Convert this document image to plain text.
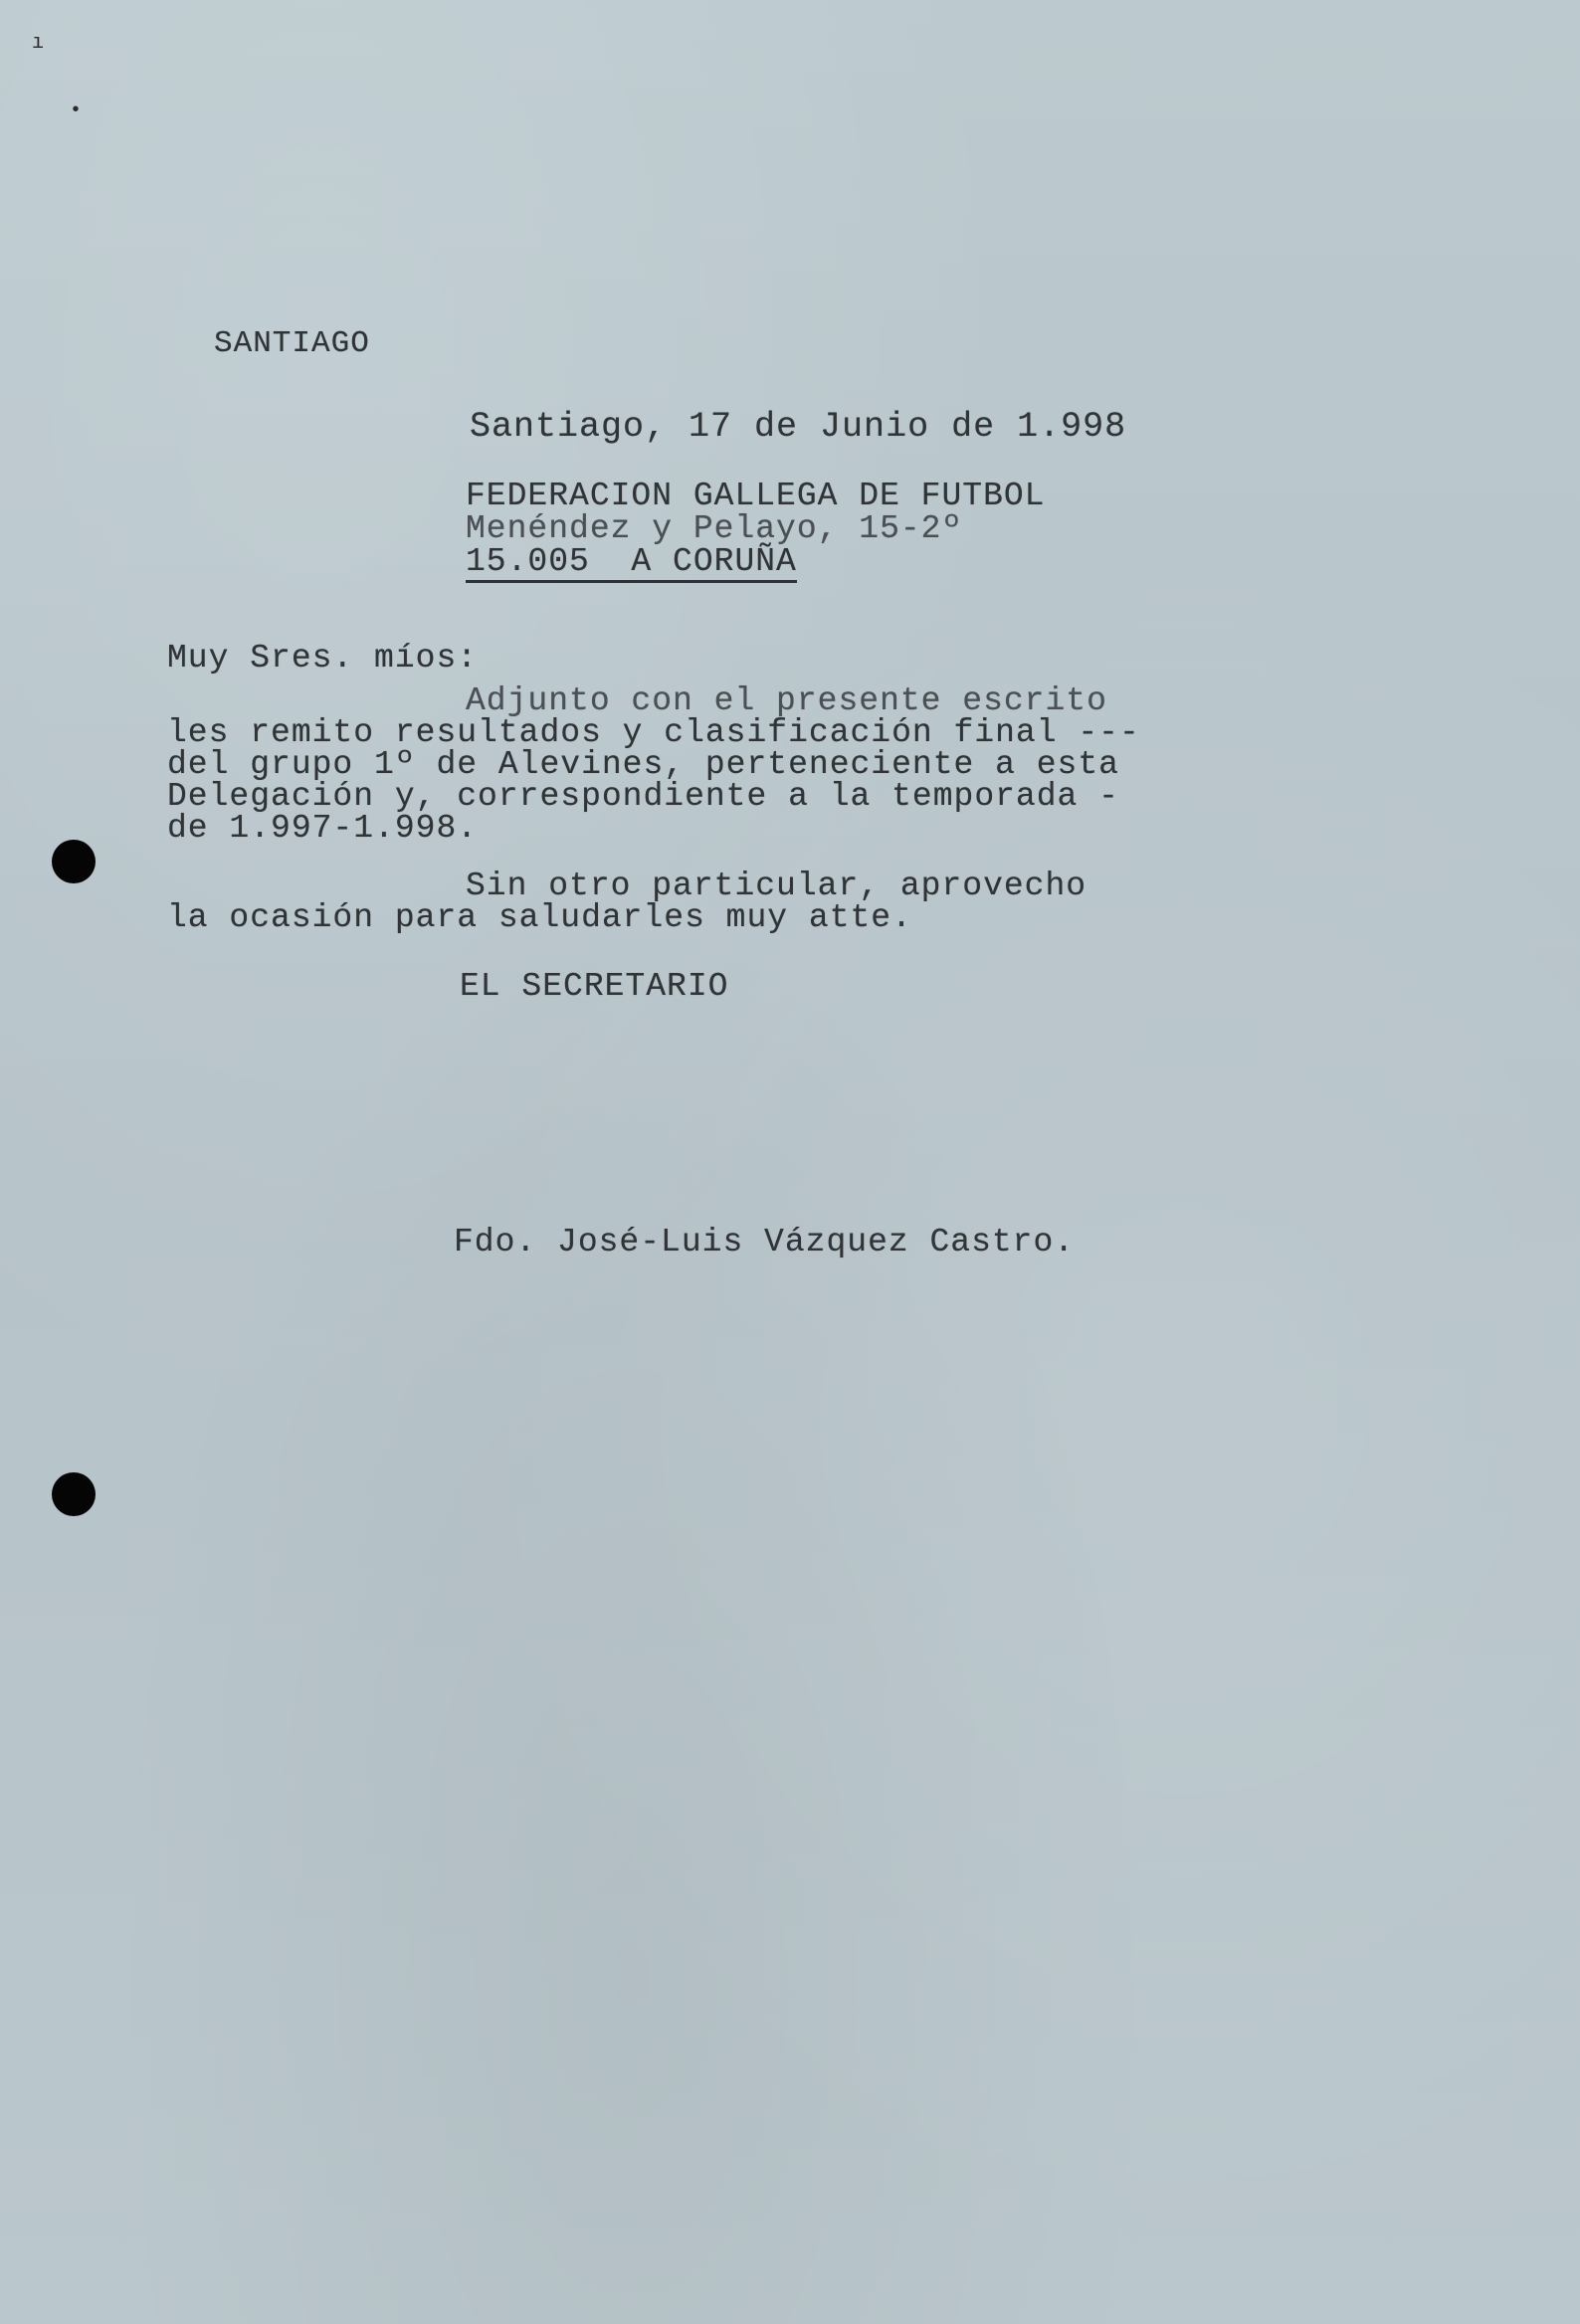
ı
•
SANTIAGO
Santiago, 17 de Junio de 1.998
FEDERACION GALLEGA DE FUTBOL
Menéndez y Pelayo, 15-2º
15.005  A CORUÑA
Muy Sres. míos:
Adjunto con el presente escrito
les remito resultados y clasificación final ---
del grupo 1º de Alevines, perteneciente a esta
Delegación y, correspondiente a la temporada -
de 1.997-1.998.
Sin otro particular, aprovecho
la ocasión para saludarles muy atte.
EL SECRETARIO
Fdo. José-Luis Vázquez Castro.
